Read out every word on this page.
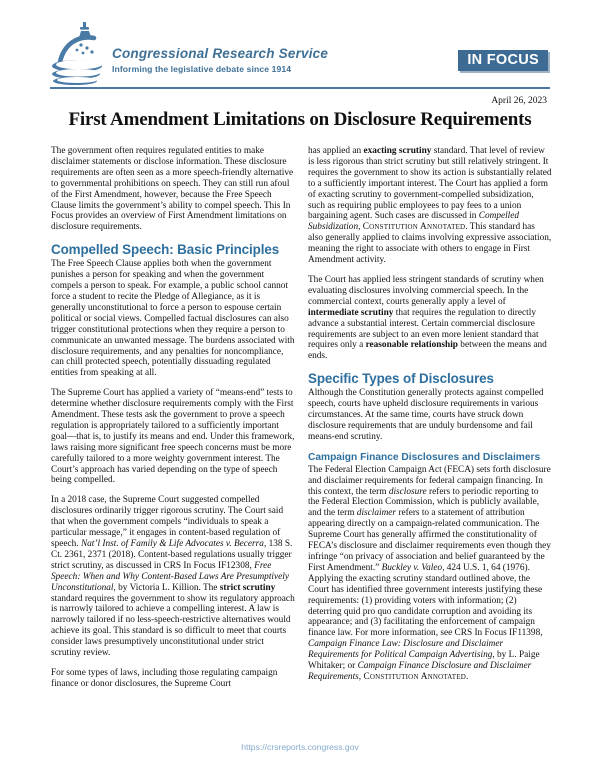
Congressional Research Service
Informing the legislative debate since 1914
IN FOCUS
April 26, 2023
First Amendment Limitations on Disclosure Requirements

The government often requires regulated entities to make disclaimer statements or disclose information. These disclosure requirements are often seen as a more speech-friendly alternative to governmental prohibitions on speech. They can still run afoul of the First Amendment, however, because the Free Speech Clause limits the government’s ability to compel speech. This In Focus provides an overview of First Amendment limitations on disclosure requirements.

Compelled Speech: Basic Principles

The Free Speech Clause applies both when the government punishes a person for speaking and when the government compels a person to speak. For example, a public school cannot force a student to recite the Pledge of Allegiance, as it is generally unconstitutional to force a person to espouse certain political or social views. Compelled factual disclosures can also trigger constitutional protections when they require a person to communicate an unwanted message. The burdens associated with disclosure requirements, and any penalties for noncompliance, can chill protected speech, potentially dissuading regulated entities from speaking at all.

The Supreme Court has applied a variety of “means-end” tests to determine whether disclosure requirements comply with the First Amendment. These tests ask the government to prove a speech regulation is appropriately tailored to a sufficiently important goal—that is, to justify its means and end. Under this framework, laws raising more significant free speech concerns must be more carefully tailored to a more weighty government interest. The Court’s approach has varied depending on the type of speech being compelled.

In a 2018 case, the Supreme Court suggested compelled disclosures ordinarily trigger rigorous scrutiny. The Court said that when the government compels “individuals to speak a particular message,” it engages in content-based regulation of speech. Nat’l Inst. of Family & Life Advocates v. Becerra, 138 S. Ct. 2361, 2371 (2018). Content-based regulations usually trigger strict scrutiny, as discussed in CRS In Focus IF12308, Free Speech: When and Why Content-Based Laws Are Presumptively Unconstitutional, by Victoria L. Killion. The strict scrutiny standard requires the government to show its regulatory approach is narrowly tailored to achieve a compelling interest. A law is narrowly tailored if no less-speech-restrictive alternatives would achieve its goal. This standard is so difficult to meet that courts consider laws presumptively unconstitutional under strict scrutiny review.

For some types of laws, including those regulating campaign finance or donor disclosures, the Supreme Court

has applied an exacting scrutiny standard. That level of review is less rigorous than strict scrutiny but still relatively stringent. It requires the government to show its action is substantially related to a sufficiently important interest. The Court has applied a form of exacting scrutiny to government-compelled subsidization, such as requiring public employees to pay fees to a union bargaining agent. Such cases are discussed in Compelled Subsidization, Constitution Annotated. This standard has also generally applied to claims involving expressive association, meaning the right to associate with others to engage in First Amendment activity.

The Court has applied less stringent standards of scrutiny when evaluating disclosures involving commercial speech. In the commercial context, courts generally apply a level of intermediate scrutiny that requires the regulation to directly advance a substantial interest. Certain commercial disclosure requirements are subject to an even more lenient standard that requires only a reasonable relationship between the means and ends.

Specific Types of Disclosures

Although the Constitution generally protects against compelled speech, courts have upheld disclosure requirements in various circumstances. At the same time, courts have struck down disclosure requirements that are unduly burdensome and fail means-end scrutiny.

Campaign Finance Disclosures and Disclaimers

The Federal Election Campaign Act (FECA) sets forth disclosure and disclaimer requirements for federal campaign financing. In this context, the term disclosure refers to periodic reporting to the Federal Election Commission, which is publicly available, and the term disclaimer refers to a statement of attribution appearing directly on a campaign-related communication. The Supreme Court has generally affirmed the constitutionality of FECA’s disclosure and disclaimer requirements even though they infringe “on privacy of association and belief guaranteed by the First Amendment.” Buckley v. Valeo, 424 U.S. 1, 64 (1976). Applying the exacting scrutiny standard outlined above, the Court has identified three government interests justifying these requirements: (1) providing voters with information; (2) deterring quid pro quo candidate corruption and avoiding its appearance; and (3) facilitating the enforcement of campaign finance law. For more information, see CRS In Focus IF11398, Campaign Finance Law: Disclosure and Disclaimer Requirements for Political Campaign Advertising, by L. Paige Whitaker; or Campaign Finance Disclosure and Disclaimer Requirements, Constitution Annotated.

https://crsreports.congress.gov
